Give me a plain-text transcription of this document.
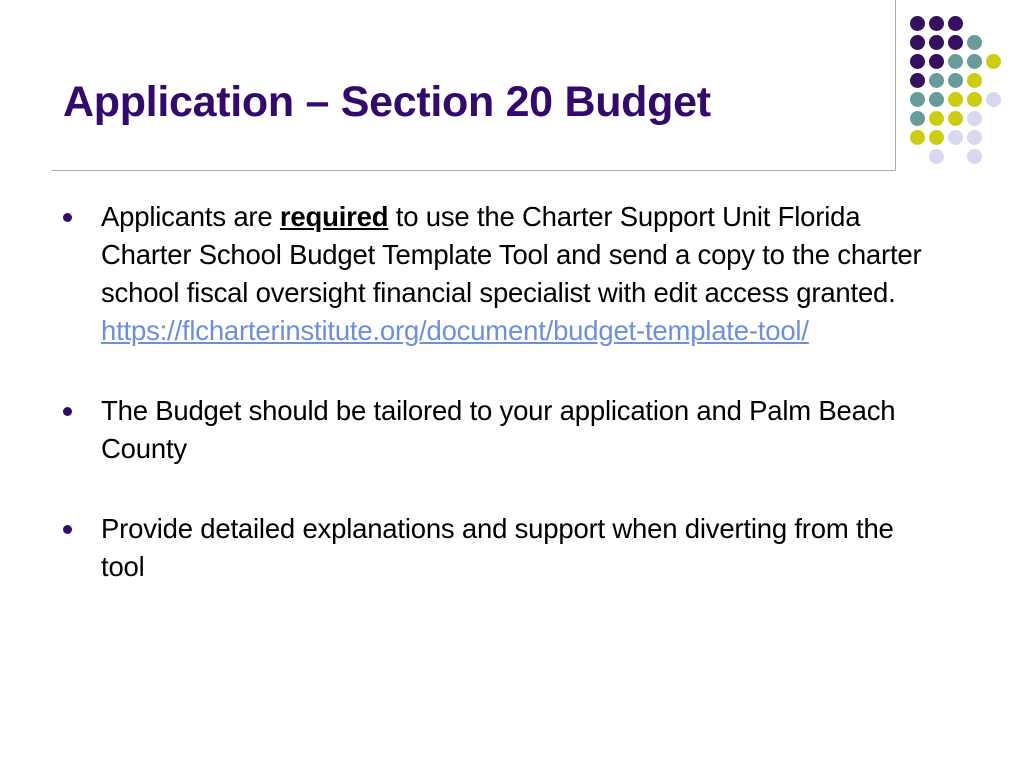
Application – Section 20 Budget
Applicants are required to use the Charter Support Unit Florida Charter School Budget Template Tool and send a copy to the charter school fiscal oversight financial specialist with edit access granted.
https://flcharterinstitute.org/document/budget-template-tool/
The Budget should be tailored to your application and Palm Beach County
Provide detailed explanations and support when diverting from the tool
